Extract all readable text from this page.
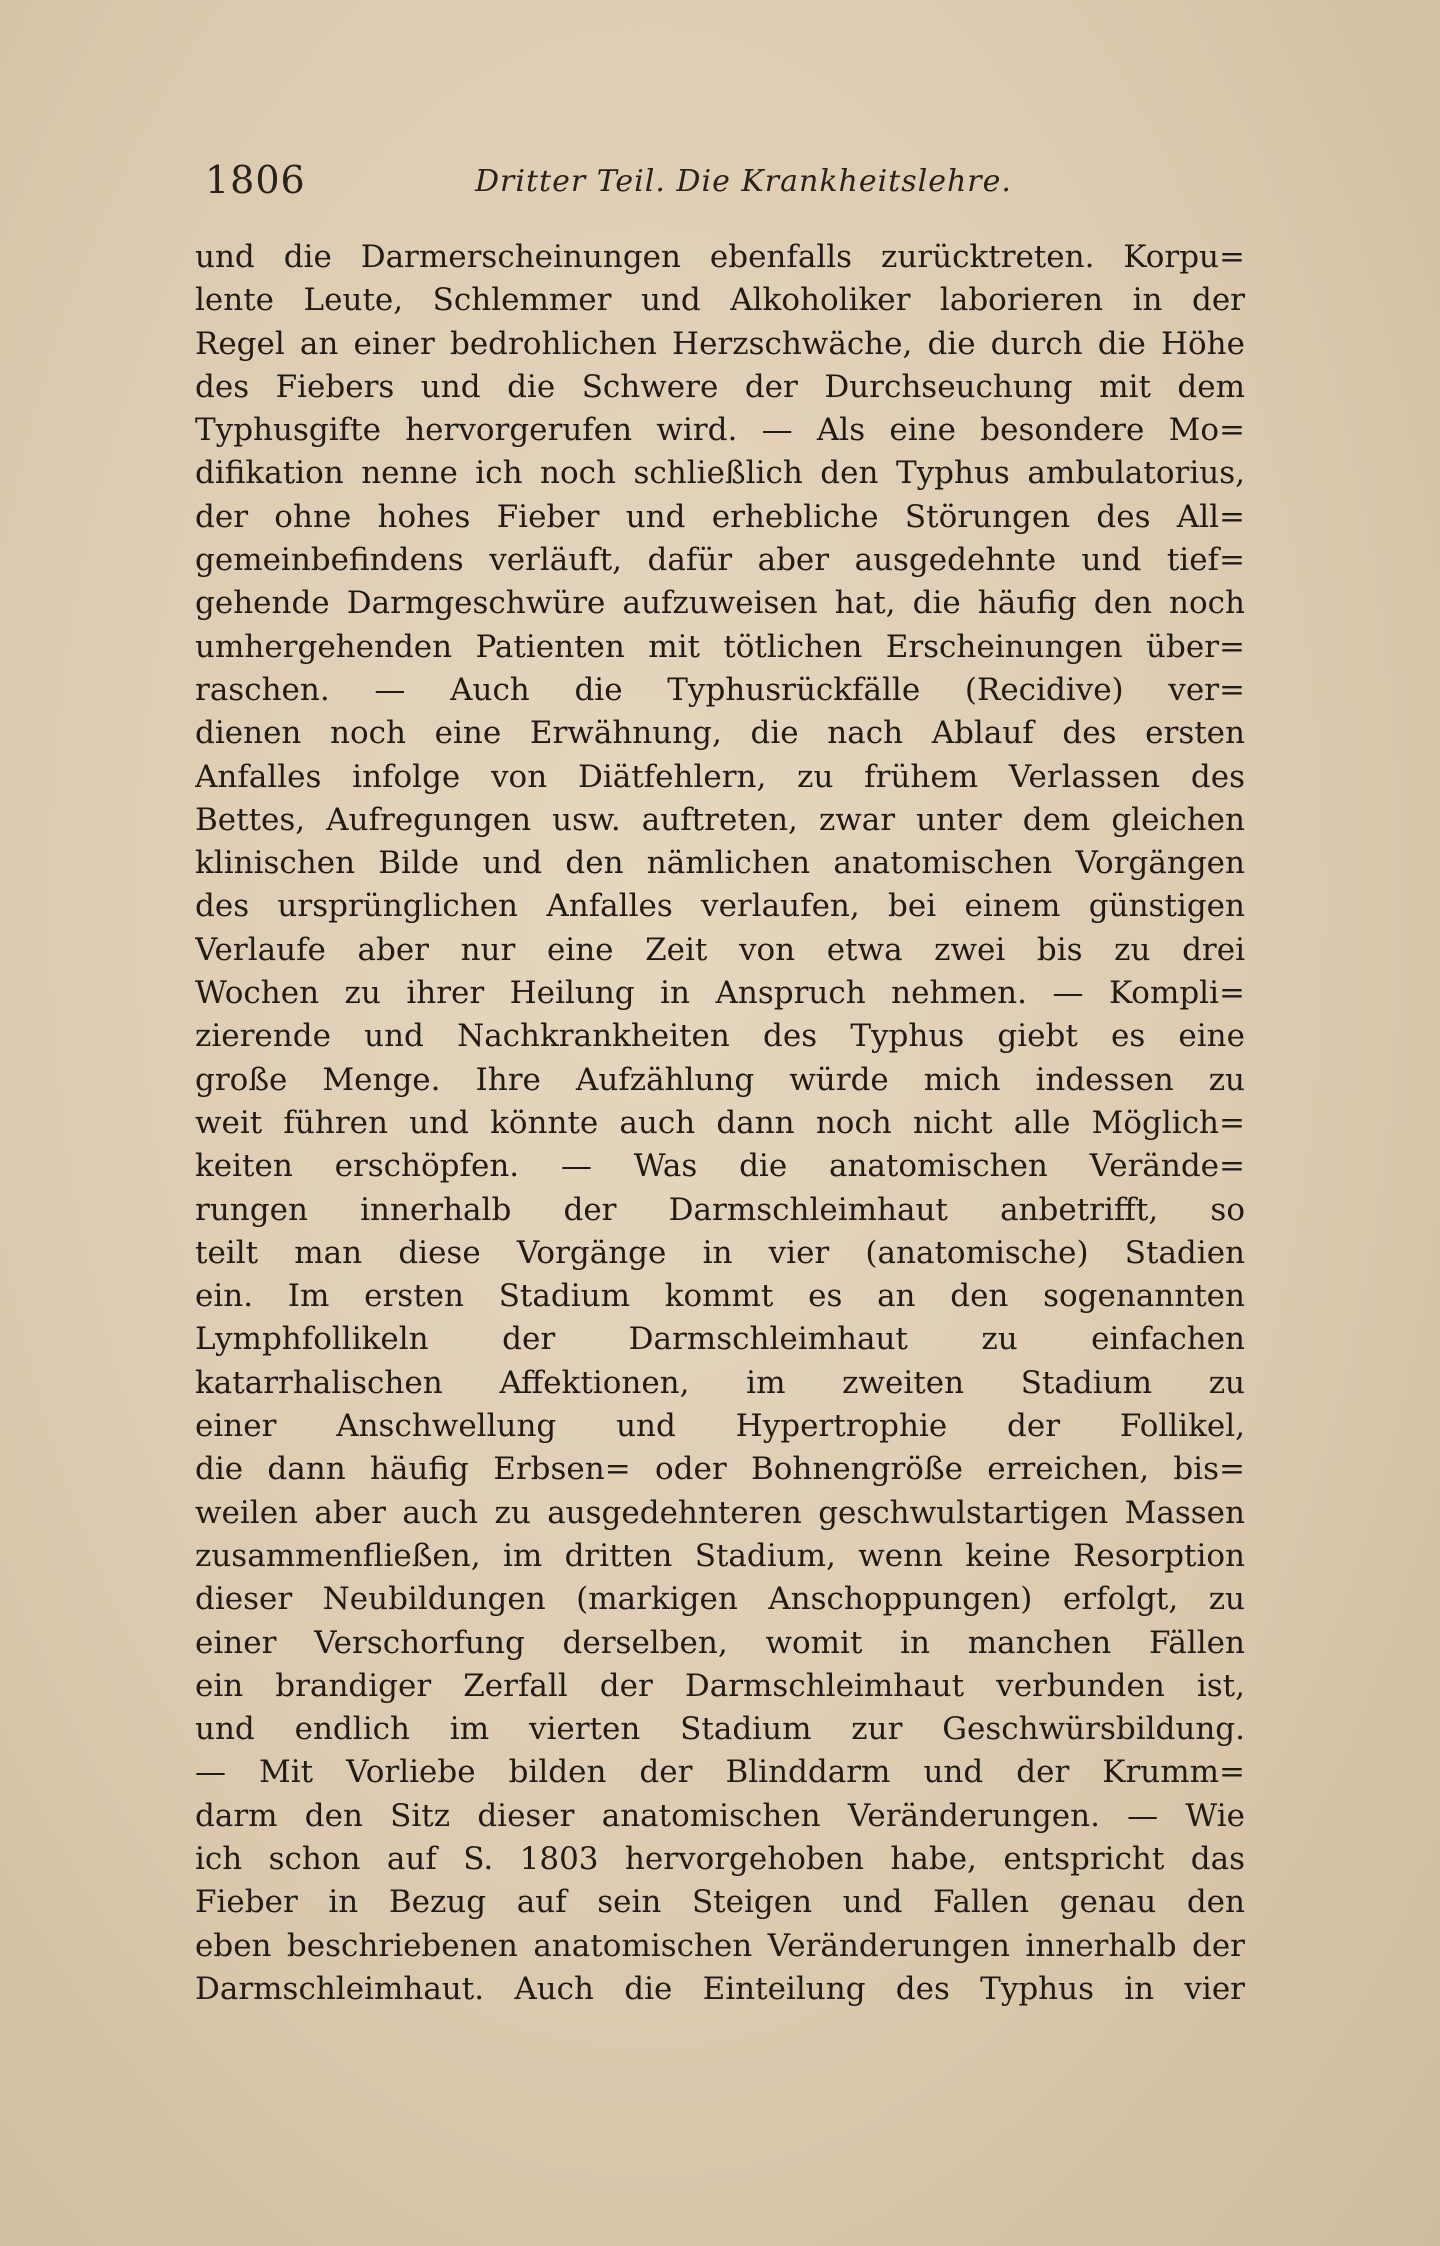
1806	Dritter Teil. Die Krankheitslehre.
und die Darmerscheinungen ebenfalls zurücktreten. Korpu=
lente Leute, Schlemmer und Alkoholiker laborieren in der
Regel an einer bedrohlichen Herzschwäche, die durch die Höhe
des Fiebers und die Schwere der Durchseuchung mit dem
Typhusgifte hervorgerufen wird. — Als eine besondere Mo=
difikation nenne ich noch schließlich den Typhus ambulatorius,
der ohne hohes Fieber und erhebliche Störungen des All=
gemeinbefindens verläuft, dafür aber ausgedehnte und tief=
gehende Darmgeschwüre aufzuweisen hat, die häufig den noch
umhergehenden Patienten mit tötlichen Erscheinungen über=
raschen. — Auch die Typhusrückfälle (Recidive) ver=
dienen noch eine Erwähnung, die nach Ablauf des ersten
Anfalles infolge von Diätfehlern, zu frühem Verlassen des
Bettes, Aufregungen usw. auftreten, zwar unter dem gleichen
klinischen Bilde und den nämlichen anatomischen Vorgängen
des ursprünglichen Anfalles verlaufen, bei einem günstigen
Verlaufe aber nur eine Zeit von etwa zwei bis zu drei
Wochen zu ihrer Heilung in Anspruch nehmen. — Kompli=
zierende und Nachkrankheiten des Typhus giebt es eine
große Menge. Ihre Aufzählung würde mich indessen zu
weit führen und könnte auch dann noch nicht alle Möglich=
keiten erschöpfen. — Was die anatomischen Verände=
rungen innerhalb der Darmschleimhaut anbetrifft, so
teilt man diese Vorgänge in vier (anatomische) Stadien
ein. Im ersten Stadium kommt es an den sogenannten
Lymphfollikeln der Darmschleimhaut zu einfachen
katarrhalischen Affektionen, im zweiten Stadium zu
einer Anschwellung und Hypertrophie der Follikel,
die dann häufig Erbsen= oder Bohnengröße erreichen, bis=
weilen aber auch zu ausgedehnteren geschwulstartigen Massen
zusammenfließen, im dritten Stadium, wenn keine Resorption
dieser Neubildungen (markigen Anschoppungen) erfolgt, zu
einer Verschorfung derselben, womit in manchen Fällen
ein brandiger Zerfall der Darmschleimhaut verbunden ist,
und endlich im vierten Stadium zur Geschwürsbildung.
— Mit Vorliebe bilden der Blinddarm und der Krumm=
darm den Sitz dieser anatomischen Veränderungen. — Wie
ich schon auf S. 1803 hervorgehoben habe, entspricht das
Fieber in Bezug auf sein Steigen und Fallen genau den
eben beschriebenen anatomischen Veränderungen innerhalb der
Darmschleimhaut. Auch die Einteilung des Typhus in vier
